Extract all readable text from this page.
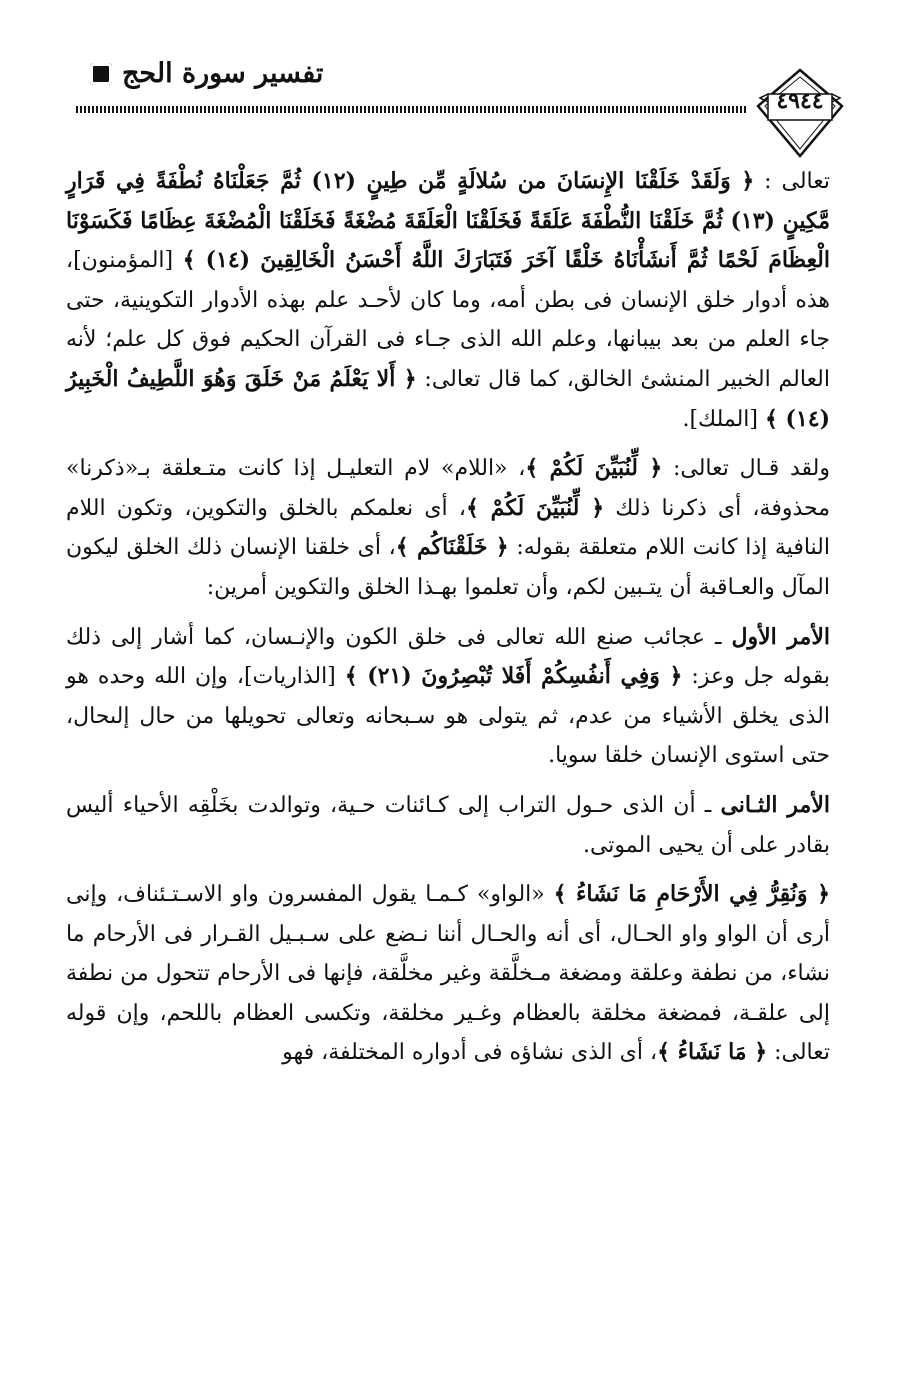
تفسير سورة الحج
٤٩٤٤

تعالى : ﴿ وَلَقَدْ خَلَقْنَا الإِنسَانَ من سُلالَةٍ مِّن طِينٍ (١٢) ثُمَّ جَعَلْنَاهُ نُطْفَةً فِي قَرَارٍ مَّكِينٍ (١٣) ثُمَّ خَلَقْنَا النُّطْفَةَ عَلَقَةً فَخَلَقْنَا الْعَلَقَةَ مُضْغَةً فَخَلَقْنَا الْمُضْغَةَ عِظَامًا فَكَسَوْنَا الْعِظَامَ لَحْمًا ثُمَّ أَنشَأْنَاهُ خَلْقًا آخَرَ فَتَبَارَكَ اللَّهُ أَحْسَنُ الْخَالِقِينَ (١٤) ﴾ [المؤمنون]، هذه أدوار خلق الإنسان فى بطن أمه، وما كان لأحـد علم بهذه الأدوار التكوينية، حتى جاء العلم من بعد بيبانها، وعلم الله الذى جـاء فى القرآن الحكيم فوق كل علم؛ لأنه العالم الخبير المنشئ الخالق، كما قال تعالى: ﴿ أَلا يَعْلَمُ مَنْ خَلَقَ وَهُوَ اللَّطِيفُ الْخَبِيرُ (١٤) ﴾ [الملك].

ولقد قـال تعالى: ﴿ لِّنُبَيِّنَ لَكُمْ ﴾، «اللام» لام التعليـل إذا كانت متـعلقة بـ«ذكرنا» محذوفة، أى ذكرنا ذلك ﴿ لِّنُبَيِّنَ لَكُمْ ﴾، أى نعلمكم بالخلق والتكوين، وتكون اللام النافية إذا كانت اللام متعلقة بقوله: ﴿ خَلَقْنَاكُم ﴾، أى خلقنا الإنسان ذلك الخلق ليكون المآل والعـاقبة أن يتـبين لكم، وأن تعلموا بهـذا الخلق والتكوين أمرين:

الأمر الأول ـ عجائب صنع الله تعالى فى خلق الكون والإنـسان، كما أشار إلى ذلك بقوله جل وعز: ﴿ وَفِي أَنفُسِكُمْ أَفَلا تُبْصِرُونَ (٢١) ﴾ [الذاريات]، وإن الله وحده هو الذى يخلق الأشياء من عدم، ثم يتولى هو سـبحانه وتعالى تحويلها من حال إلىحال، حتى استوى الإنسان خلقا سويا.

الأمر الثـانى ـ أن الذى حـول التراب إلى كـائنات حـية، وتوالدت بخَلْقِه الأحياء أليس بقادر على أن يحيى الموتى.

﴿ وَنُقِرُّ فِي الأَرْحَامِ مَا نَشَاءُ ﴾ «الواو» كـمـا يقول المفسرون واو الاسـتـئناف، وإنى أرى أن الواو واو الحـال، أى أنه والحـال أننا نـضع على سـبـيل القـرار فى الأرحام ما نشاء، من نطفة وعلقة ومضغة مـخلَّقة وغير مخلَّقة، فإنها فى الأرحام تتحول من نطفة إلى علقـة، فمضغة مخلقة بالعظام وغـير مخلقة، وتكسى العظام باللحم، وإن قوله تعالى: ﴿ مَا نَشَاءُ ﴾، أى الذى نشاؤه فى أدواره المختلفة، فهو
